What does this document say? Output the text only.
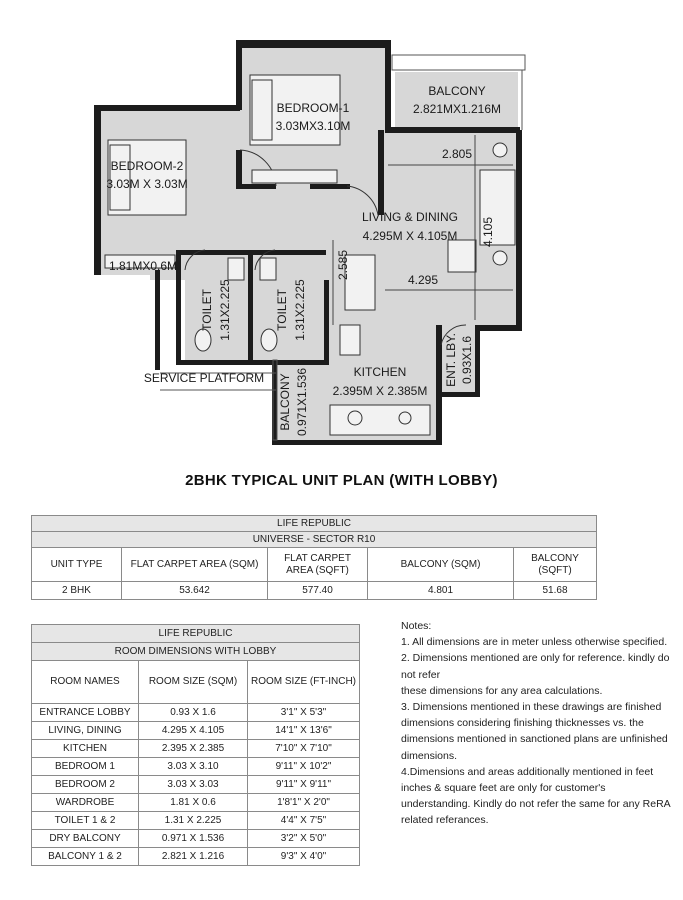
BEDROOM-1
3.03MX3.10M
BEDROOM-2
3.03M X 3.03M
BALCONY
2.821MX1.216M
LIVING & DINING
4.295M X 4.105M
KITCHEN
2.395M X 2.385M
1.81MX0.6M
SERVICE PLATFORM
TOILET 1.31X2.225	TOILET 1.31X2.225
BALCONY 0.971X1.536
ENT. LBY. 0.93X1.6
2.805
4.105
4.295
2.585
2BHK TYPICAL UNIT PLAN (WITH LOBBY)
LIFE REPUBLIC				
UNIVERSE - SECTOR R10				
UNIT TYPE	FLAT CARPET AREA (SQM)	FLAT CARPET AREA (SQFT)	BALCONY (SQM)	BALCONY (SQFT)
2 BHK	53.642	577.40	4.801	51.68
LIFE REPUBLIC		
ROOM DIMENSIONS WITH LOBBY		
ROOM NAMES	ROOM SIZE (SQM)	ROOM SIZE (FT-INCH)
ENTRANCE LOBBY	0.93 X 1.6	3'1" X 5'3"
LIVING, DINING	4.295 X 4.105	14'1" X 13'6"
KITCHEN	2.395 X 2.385	7'10" X 7'10"
BEDROOM 1	3.03 X 3.10	9'11" X 10'2"
BEDROOM 2	3.03 X 3.03	9'11" X 9'11"
WARDROBE	1.81 X 0.6	1'8'1" X 2'0"
TOILET 1 & 2	1.31 X 2.225	4'4" X 7'5"
DRY BALCONY	0.971 X 1.536	3'2" X 5'0"
BALCONY 1 & 2	2.821 X 1.216	9'3" X 4'0"
Notes:
1. All dimensions are in meter unless otherwise specified.
2. Dimensions mentioned are only for reference. kindly do not refer
these dimensions for any area calculations.
3. Dimensions mentioned in these drawings are finished dimensions considering finishing thicknesses vs. the dimensions mentioned in sanctioned plans are unfinished dimensions.
4.Dimensions and areas additionally mentioned in feet inches & square feet are only for customer's understanding. Kindly do not refer the same for any ReRA related referances.
